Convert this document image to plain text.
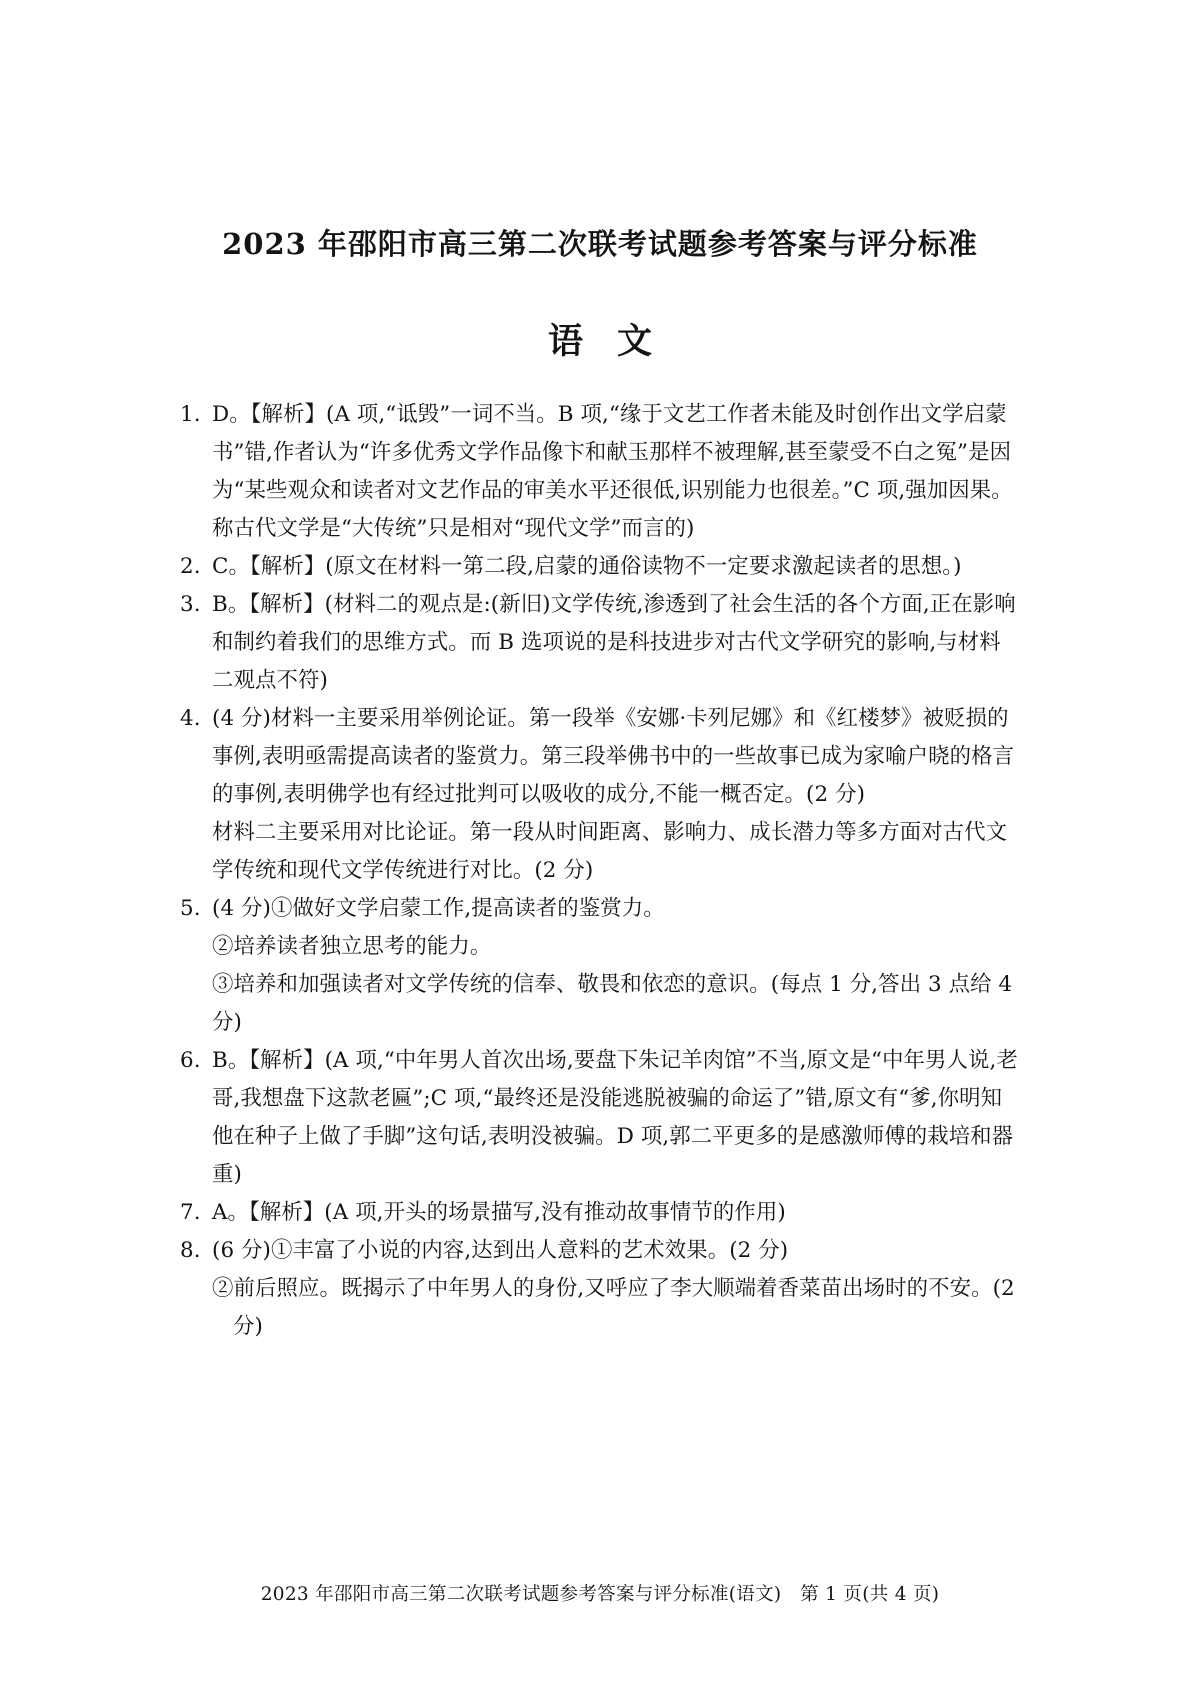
2023 年邵阳市高三第二次联考试题参考答案与评分标准
语文
1. D。【解析】(A 项,“诋毁”一词不当。B 项,“缘于文艺工作者未能及时创作出文学启蒙书”错,作者认为“许多优秀文学作品像卞和献玉那样不被理解,甚至蒙受不白之冤”是因为“某些观众和读者对文艺作品的审美水平还很低,识别能力也很差。”C 项,强加因果。称古代文学是“大传统”只是相对“现代文学”而言的)

2. C。【解析】(原文在材料一第二段,启蒙的通俗读物不一定要求激起读者的思想。)

3. B。【解析】(材料二的观点是:(新旧)文学传统,渗透到了社会生活的各个方面,正在影响和制约着我们的思维方式。而 B 选项说的是科技进步对古代文学研究的影响,与材料二观点不符)

4. (4 分)材料一主要采用举例论证。第一段举《安娜·卡列尼娜》和《红楼梦》被贬损的事例,表明亟需提高读者的鉴赏力。第三段举佛书中的一些故事已成为家喻户晓的格言的事例,表明佛学也有经过批判可以吸收的成分,不能一概否定。(2 分)

材料二主要采用对比论证。第一段从时间距离、影响力、成长潜力等多方面对古代文学传统和现代文学传统进行对比。(2 分)

5. (4 分)①做好文学启蒙工作,提高读者的鉴赏力。

②培养读者独立思考的能力。

③培养和加强读者对文学传统的信奉、敬畏和依恋的意识。(每点 1 分,答出 3 点给 4 分)

6. B。【解析】(A 项,“中年男人首次出场,要盘下朱记羊肉馆”不当,原文是“中年男人说,老哥,我想盘下这款老匾”;C 项,“最终还是没能逃脱被骗的命运了”错,原文有“爹,你明知他在种子上做了手脚”这句话,表明没被骗。D 项,郭二平更多的是感激师傅的栽培和器重)

7. A。【解析】(A 项,开头的场景描写,没有推动故事情节的作用)

8. (6 分)①丰富了小说的内容,达到出人意料的艺术效果。(2 分)

②前后照应。既揭示了中年男人的身份,又呼应了李大顺端着香菜苗出场时的不安。(2 分)

2023 年邵阳市高三第二次联考试题参考答案与评分标准(语文)　第 1 页(共 4 页)
